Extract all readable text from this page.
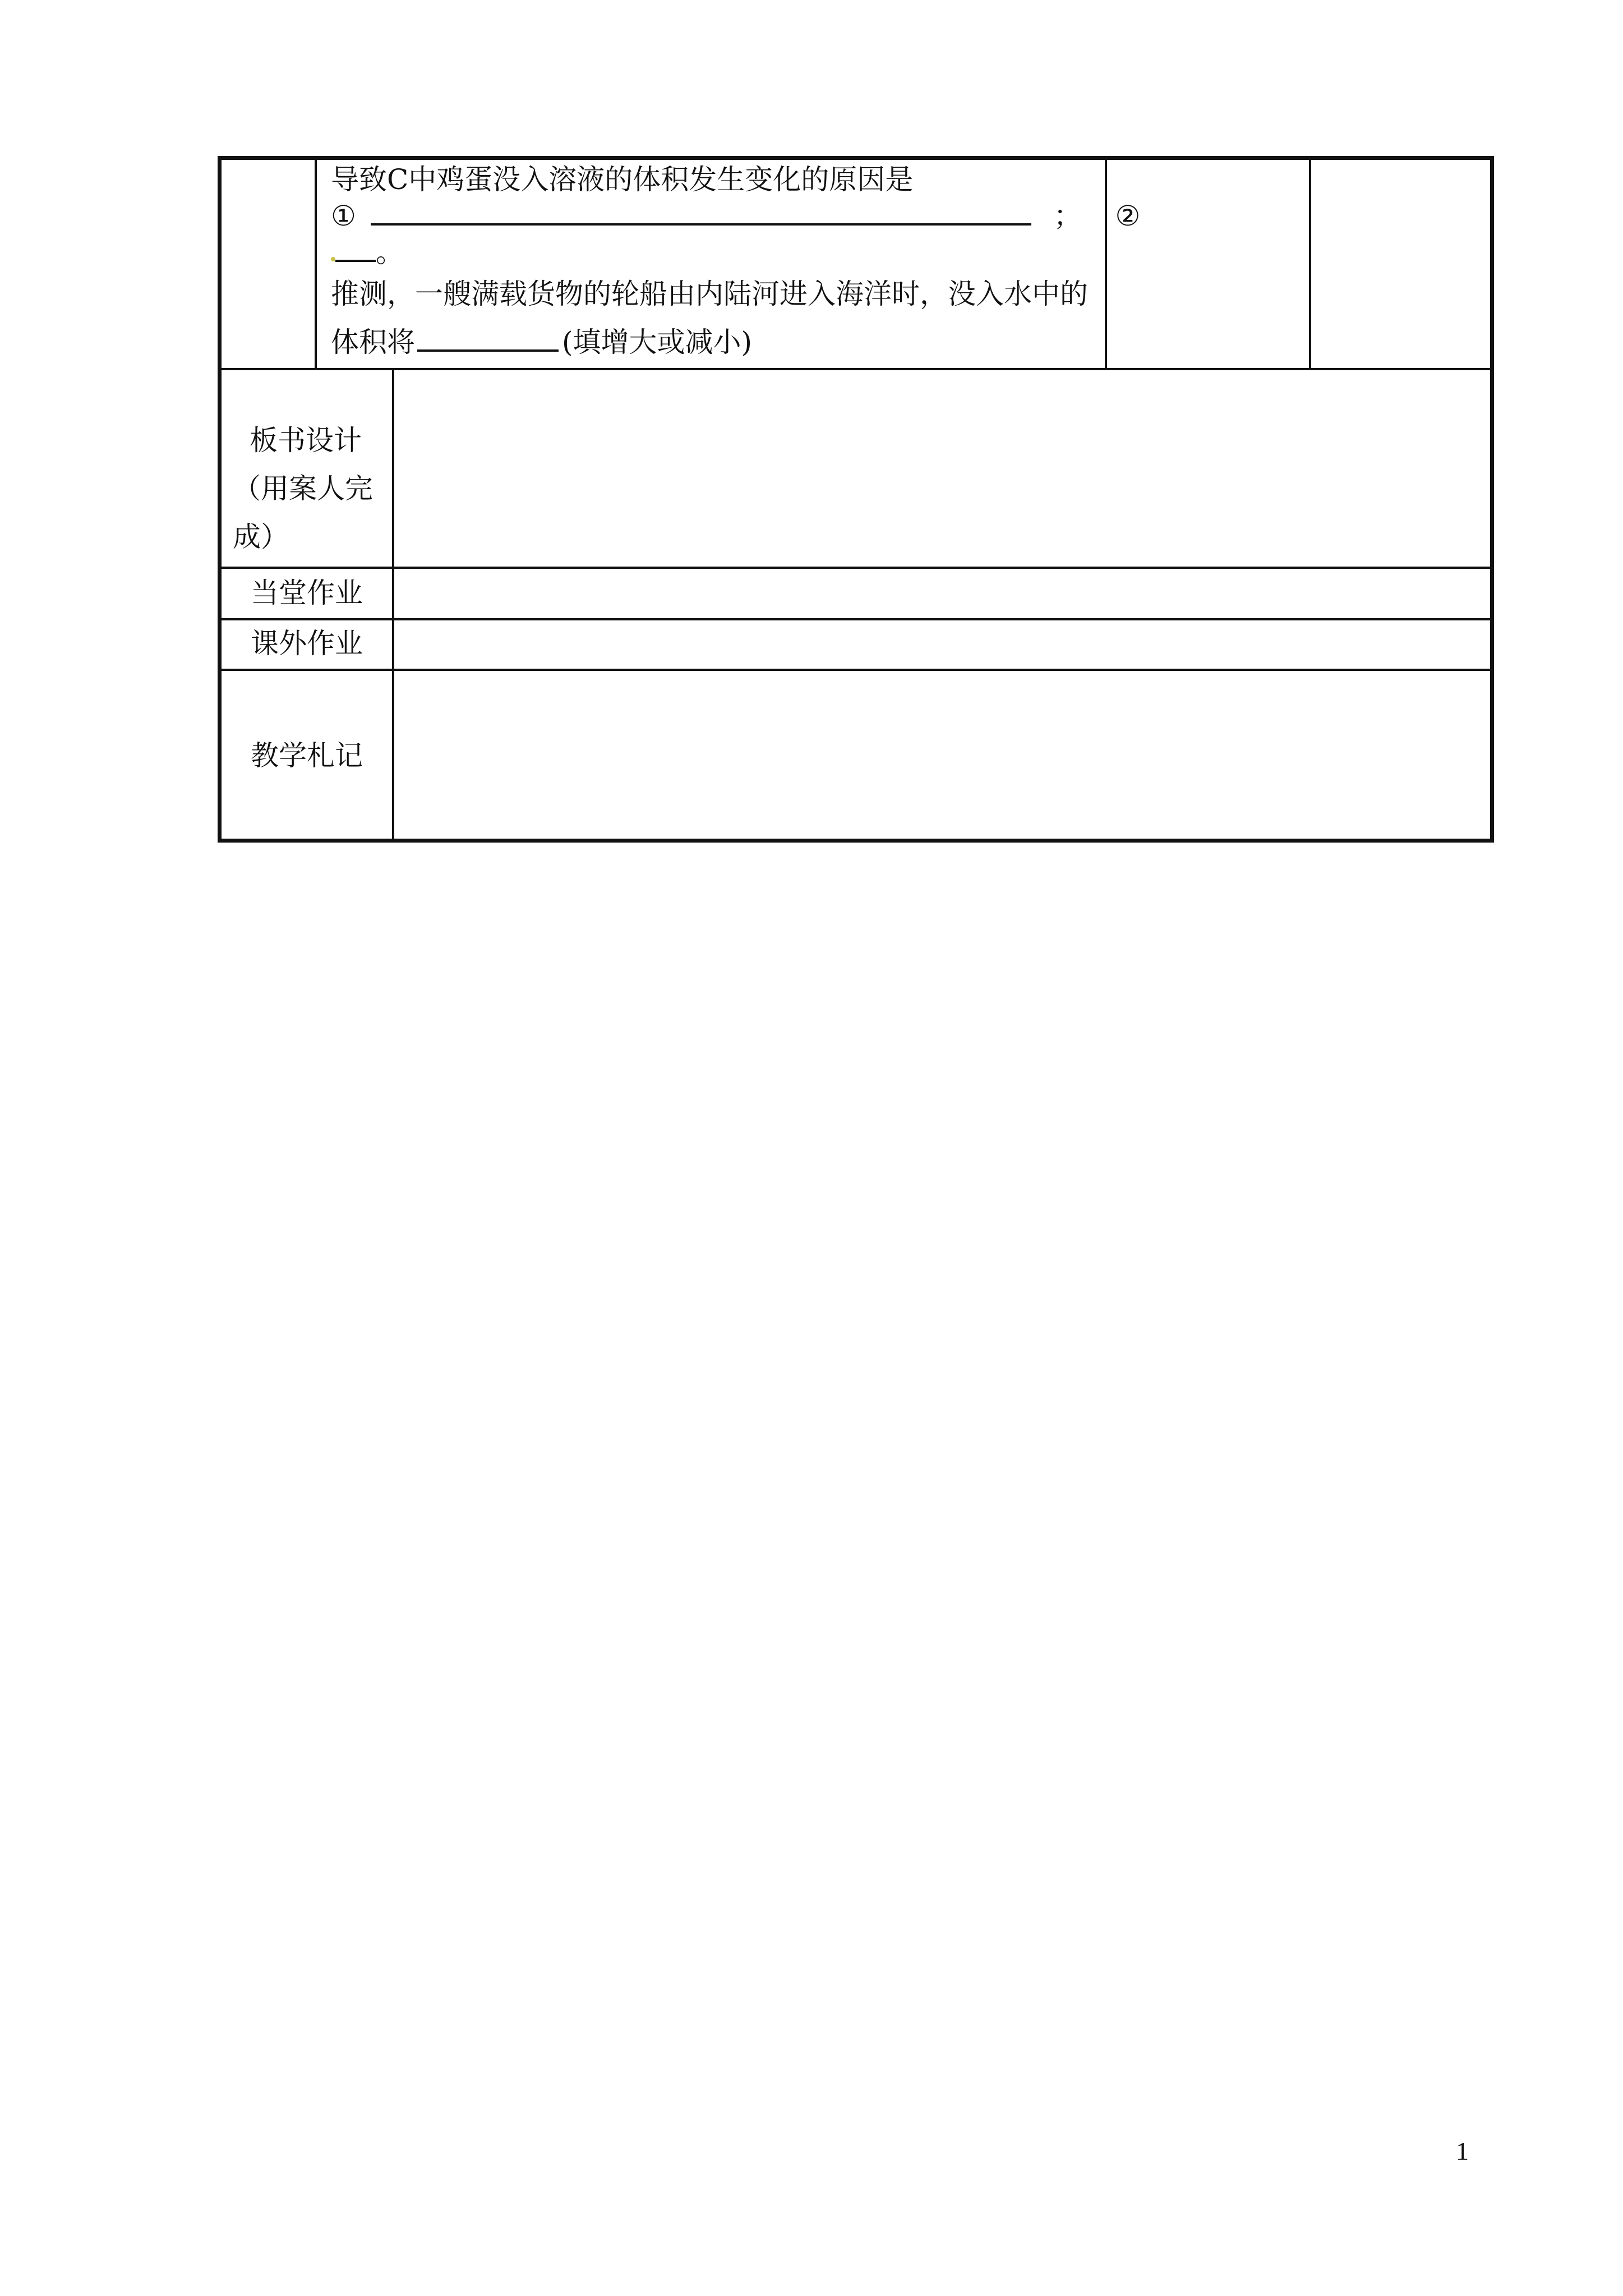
导致C中鸡蛋没入溶液的体积发生变化的原因是
①	； ②
。
推测，一艘满载货物的轮船由内陆河进入海洋时，没入水中的
体积将	(填增大或减小)
板书设计
（用案人完
成）
当堂作业
课外作业
教学札记
1
